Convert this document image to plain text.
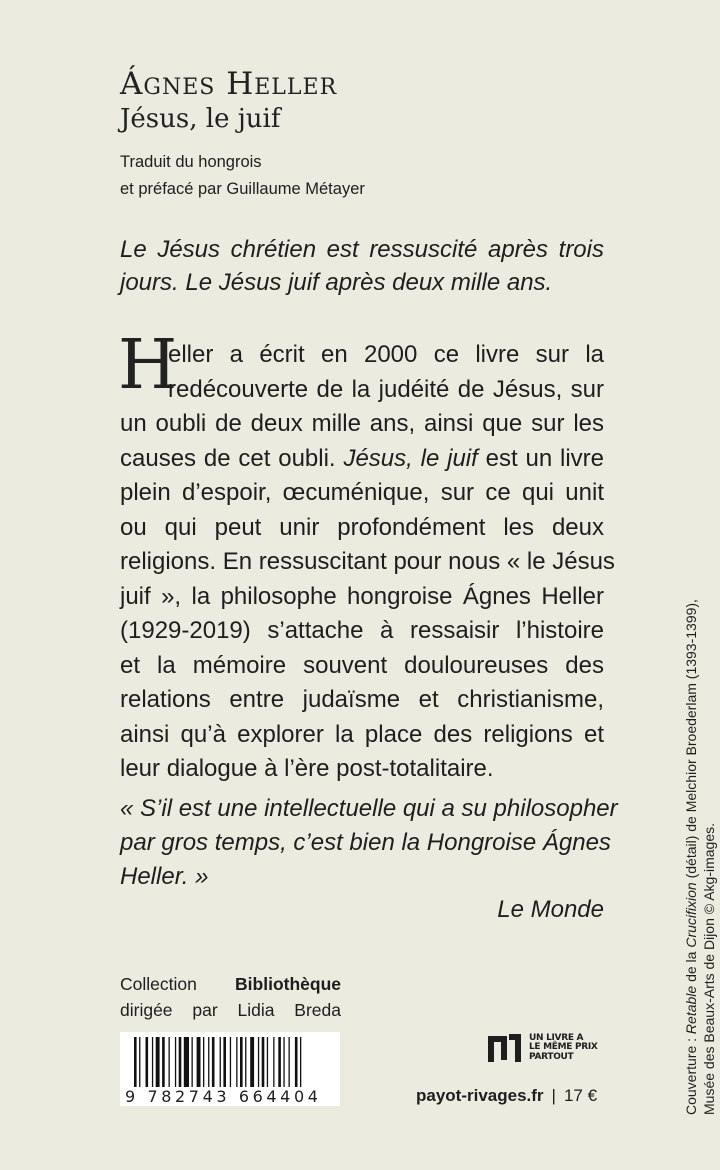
Ágnes Heller
Jésus, le juif
Traduit du hongrois
et préfacé par Guillaume Métayer
Le Jésus chrétien est ressuscité après trois
jours. Le Jésus juif après deux mille ans.
H
eller a écrit en 2000 ce livre sur la
redécouverte de la judéité de Jésus, sur
un oubli de deux mille ans, ainsi que sur les
causes de cet oubli. Jésus, le juif est un livre
plein d’espoir, œcuménique, sur ce qui unit
ou qui peut unir profondément les deux
religions. En ressuscitant pour nous « le Jésus
juif », la philosophe hongroise Ágnes Heller
(1929-2019) s’attache à ressaisir l’histoire
et la mémoire souvent douloureuses des
relations entre judaïsme et christianisme,
ainsi qu’à explorer la place des religions et
leur dialogue à l’ère post-totalitaire.
« S’il est une intellectuelle qui a su philosopher
par gros temps, c’est bien la Hongroise Ágnes
Heller. »
Le Monde
Collection Bibliothèque
dirigée par Lidia Breda
9 782743 664404
UN LIVRE A
LE MÊME PRIX
PARTOUT
payot-rivages.fr | 17 €	Couverture : Retable de la Crucifixion (détail) de Melchior Broederlam (1393-1399),
Musée des Beaux-Arts de Dijon © Akg-images.
